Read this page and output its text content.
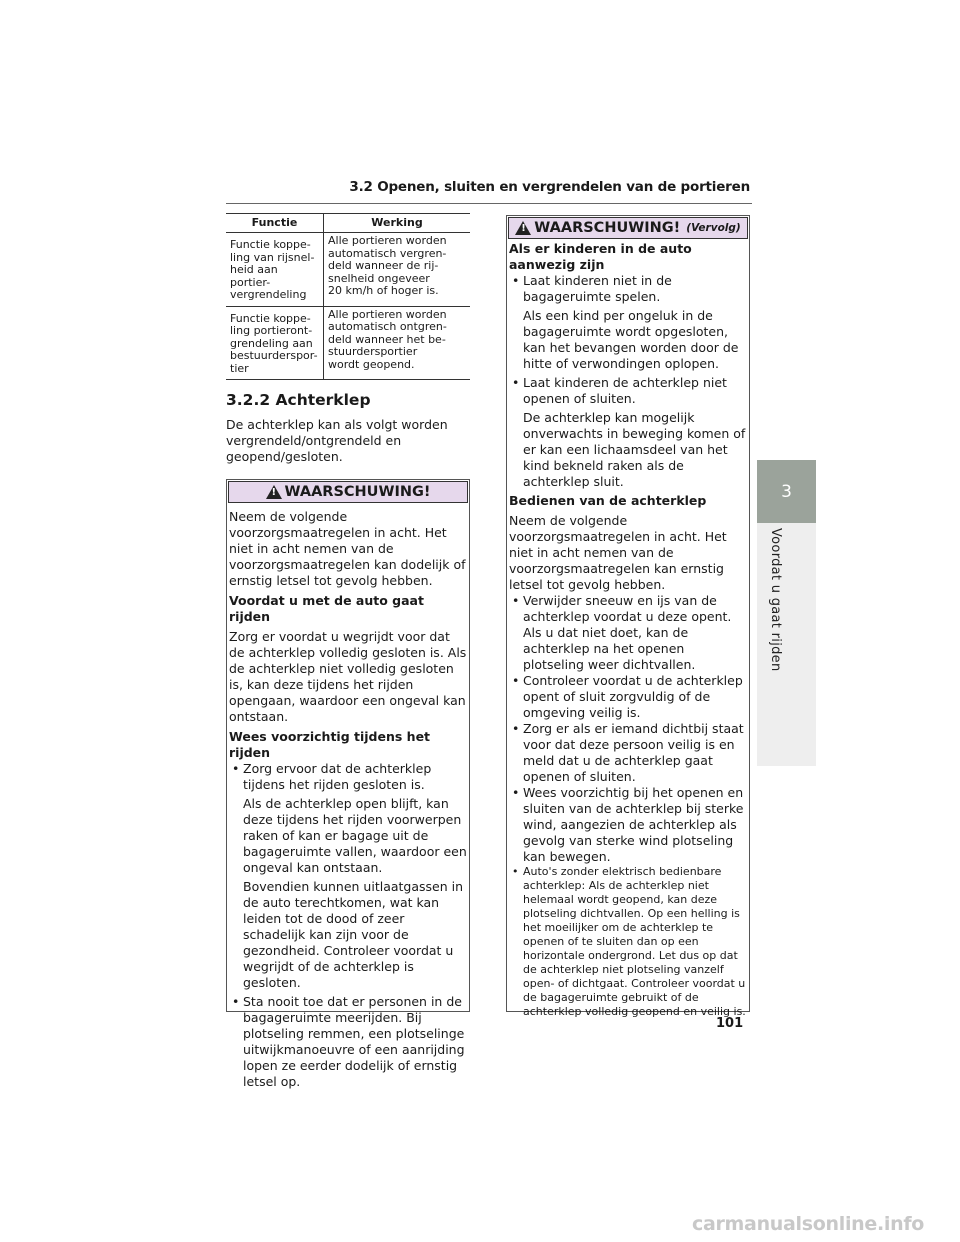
3.2 Openen, sluiten en vergrendelen van de portieren
Functie	Werking
Functie koppe-
ling van rijsnel-
heid aan portier-
vergrendeling
Alle portieren worden
automatisch vergren-
deld wanneer de rij-
snelheid ongeveer
20 km/h of hoger is.
Functie koppe-
ling portieront-
grendeling aan
bestuurderspor-
tier
Alle portieren worden
automatisch ontgren-
deld wanneer het be-
stuurdersportier
wordt geopend.
3.2.2 Achterklep
De achterklep kan als volgt worden vergrendeld/ontgrendeld en geopend/gesloten.
!
WAARSCHUWING!

Neem de volgende voorzorgsmaatregelen in acht. Het niet in acht nemen van de voorzorgsmaatregelen kan dodelijk of ernstig letsel tot gevolg hebben.

Voordat u met de auto gaat rijden

Zorg er voordat u wegrijdt voor dat de achterklep volledig gesloten is. Als de achterklep niet volledig gesloten is, kan deze tijdens het rijden opengaan, waardoor een ongeval kan ontstaan.

Wees voorzichtig tijdens het rijden

• Zorg ervoor dat de achterklep tijdens het rijden gesloten is.
Als de achterklep open blijft, kan deze tijdens het rijden voorwerpen raken of kan er bagage uit de bagageruimte vallen, waardoor een ongeval kan ontstaan.
Bovendien kunnen uitlaatgassen in de auto terechtkomen, wat kan leiden tot de dood of zeer schadelijk kan zijn voor de gezondheid. Controleer voordat u wegrijdt of de achterklep is gesloten.
• Sta nooit toe dat er personen in de bagageruimte meerijden. Bij plotseling remmen, een plotselinge uitwijkmanoeuvre of een aanrijding lopen ze eerder dodelijk of ernstig letsel op.
!
WAARSCHUWING! (Vervolg)

Als er kinderen in de auto aanwezig zijn

• Laat kinderen niet in de bagageruimte spelen.
Als een kind per ongeluk in de bagageruimte wordt opgesloten, kan het bevangen worden door de hitte of verwondingen oplopen.
• Laat kinderen de achterklep niet openen of sluiten.
De achterklep kan mogelijk onverwachts in beweging komen of er kan een lichaamsdeel van het kind bekneld raken als de achterklep sluit.

Bedienen van de achterklep

Neem de volgende voorzorgsmaatregelen in acht. Het niet in acht nemen van de voorzorgsmaatregelen kan ernstig letsel tot gevolg hebben.

• Verwijder sneeuw en ijs van de achterklep voordat u deze opent. Als u dat niet doet, kan de achterklep na het openen plotseling weer dichtvallen.
• Controleer voordat u de achterklep opent of sluit zorgvuldig of de omgeving veilig is.
• Zorg er als er iemand dichtbij staat voor dat deze persoon veilig is en meld dat u de achterklep gaat openen of sluiten.
• Wees voorzichtig bij het openen en sluiten van de achterklep bij sterke wind, aangezien de achterklep als gevolg van sterke wind plotseling kan bewegen.
• Auto's zonder elektrisch bedienbare achterklep: Als de achterklep niet helemaal wordt geopend, kan deze plotseling dichtvallen. Op een helling is het moeilijker om de achterklep te openen of te sluiten dan op een horizontale ondergrond. Let dus op dat de achterklep niet plotseling vanzelf open- of dichtgaat. Controleer voordat u de bagageruimte gebruikt of de achterklep volledig geopend en veilig is.
3
Voordat u gaat rijden
101
carmanualsonline.info
